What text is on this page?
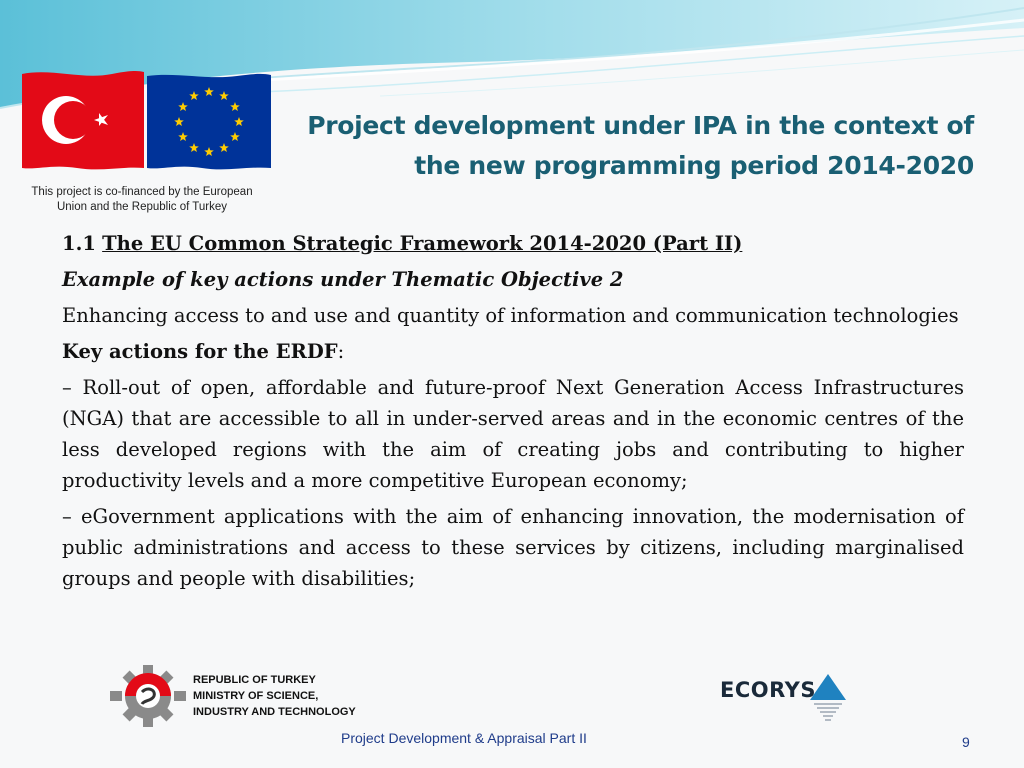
This project is co-financed by the European
Union and the Republic of Turkey
Project development under IPA in the context of
the new programming period 2014-2020

1.1 The EU Common Strategic Framework 2014-2020 (Part II)

Example of key actions under Thematic Objective 2

Enhancing access to and use and quantity of information and communication technologies

Key actions for the ERDF:

– Roll-out of open, affordable and future-proof Next Generation Access Infrastructures (NGA) that are accessible to all in under-served areas and in the economic centres of the less developed regions with the aim of creating jobs and contributing to higher productivity levels and a more competitive European economy;

– eGovernment applications with the aim of enhancing innovation, the modernisation of public administrations and access to these services by citizens, including marginalised groups and people with disabilities;

REPUBLIC OF TURKEY
MINISTRY OF SCIENCE,
INDUSTRY AND TECHNOLOGY
ECORYS
Project Development & Appraisal Part II	9
